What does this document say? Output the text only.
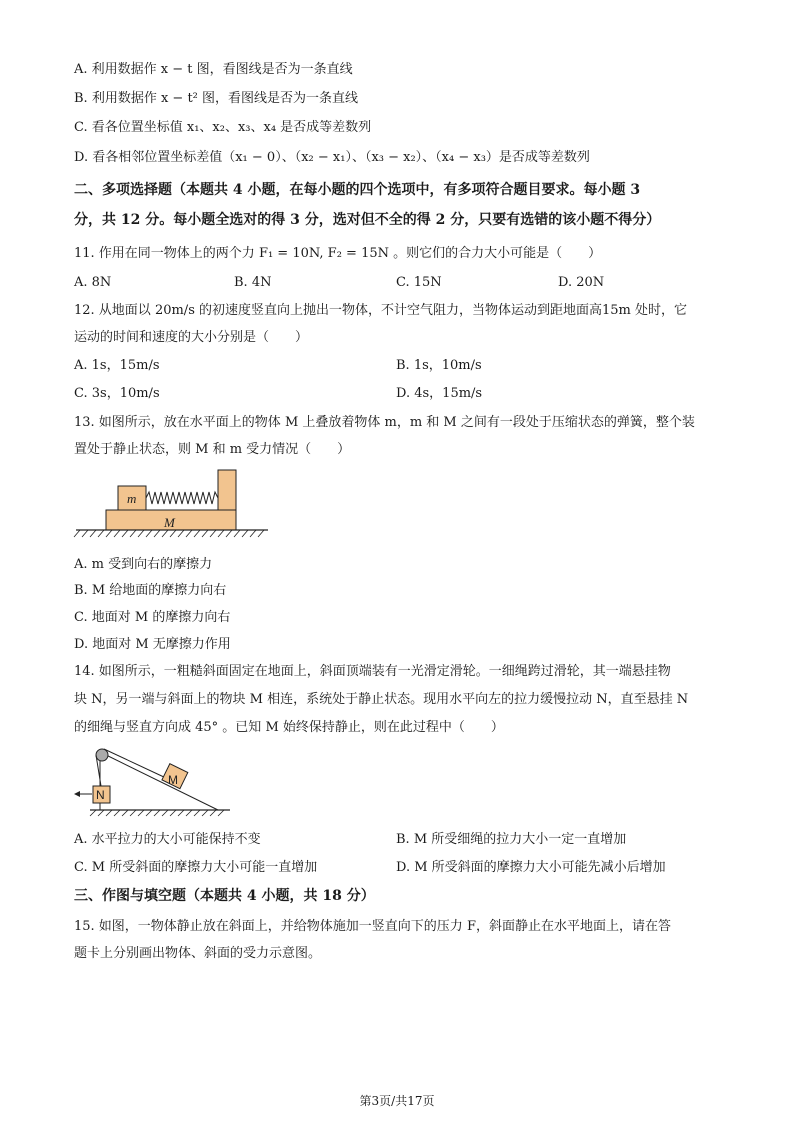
A. 利用数据作 x − t 图，看图线是否为一条直线
B. 利用数据作 x − t² 图，看图线是否为一条直线
C. 看各位置坐标值 x₁、x₂、x₃、x₄ 是否成等差数列
D. 看各相邻位置坐标差值（x₁ − 0）、（x₂ − x₁）、（x₃ − x₂）、（x₄ − x₃）是否成等差数列
二、多项选择题（本题共 4 小题，在每小题的四个选项中，有多项符合题目要求。每小题 3
分，共 12 分。每小题全选对的得 3 分，选对但不全的得 2 分，只要有选错的该小题不得分）
11. 作用在同一物体上的两个力 F₁ = 10N, F₂ = 15N 。则它们的合力大小可能是（　　）
A. 8N	B. 4N	C. 15N	D. 20N
12. 从地面以 20m/s 的初速度竖直向上抛出一物体，不计空气阻力，当物体运动到距地面高15m 处时，它
运动的时间和速度的大小分别是（　　）
A. 1s，15m/s	B. 1s，10m/s
C. 3s，10m/s	D. 4s，15m/s
13. 如图所示，放在水平面上的物体 M 上叠放着物体 m，m 和 M 之间有一段处于压缩状态的弹簧，整个装
置处于静止状态，则 M 和 m 受力情况（　　）
m
M
A. m 受到向右的摩擦力
B. M 给地面的摩擦力向右
C. 地面对 M 的摩擦力向右
D. 地面对 M 无摩擦力作用
14. 如图所示，一粗糙斜面固定在地面上，斜面顶端装有一光滑定滑轮。一细绳跨过滑轮，其一端悬挂物
块 N，另一端与斜面上的物块 M 相连，系统处于静止状态。现用水平向左的拉力缓慢拉动 N，直至悬挂 N
的细绳与竖直方向成 45° 。已知 M 始终保持静止，则在此过程中（　　）
M
N
A. 水平拉力的大小可能保持不变	B. M 所受细绳的拉力大小一定一直增加
C. M 所受斜面的摩擦力大小可能一直增加	D. M 所受斜面的摩擦力大小可能先减小后增加
三、作图与填空题（本题共 4 小题，共 18 分）
15. 如图，一物体静止放在斜面上，并给物体施加一竖直向下的压力 F，斜面静止在水平地面上，请在答
题卡上分别画出物体、斜面的受力示意图。
第3页/共17页
